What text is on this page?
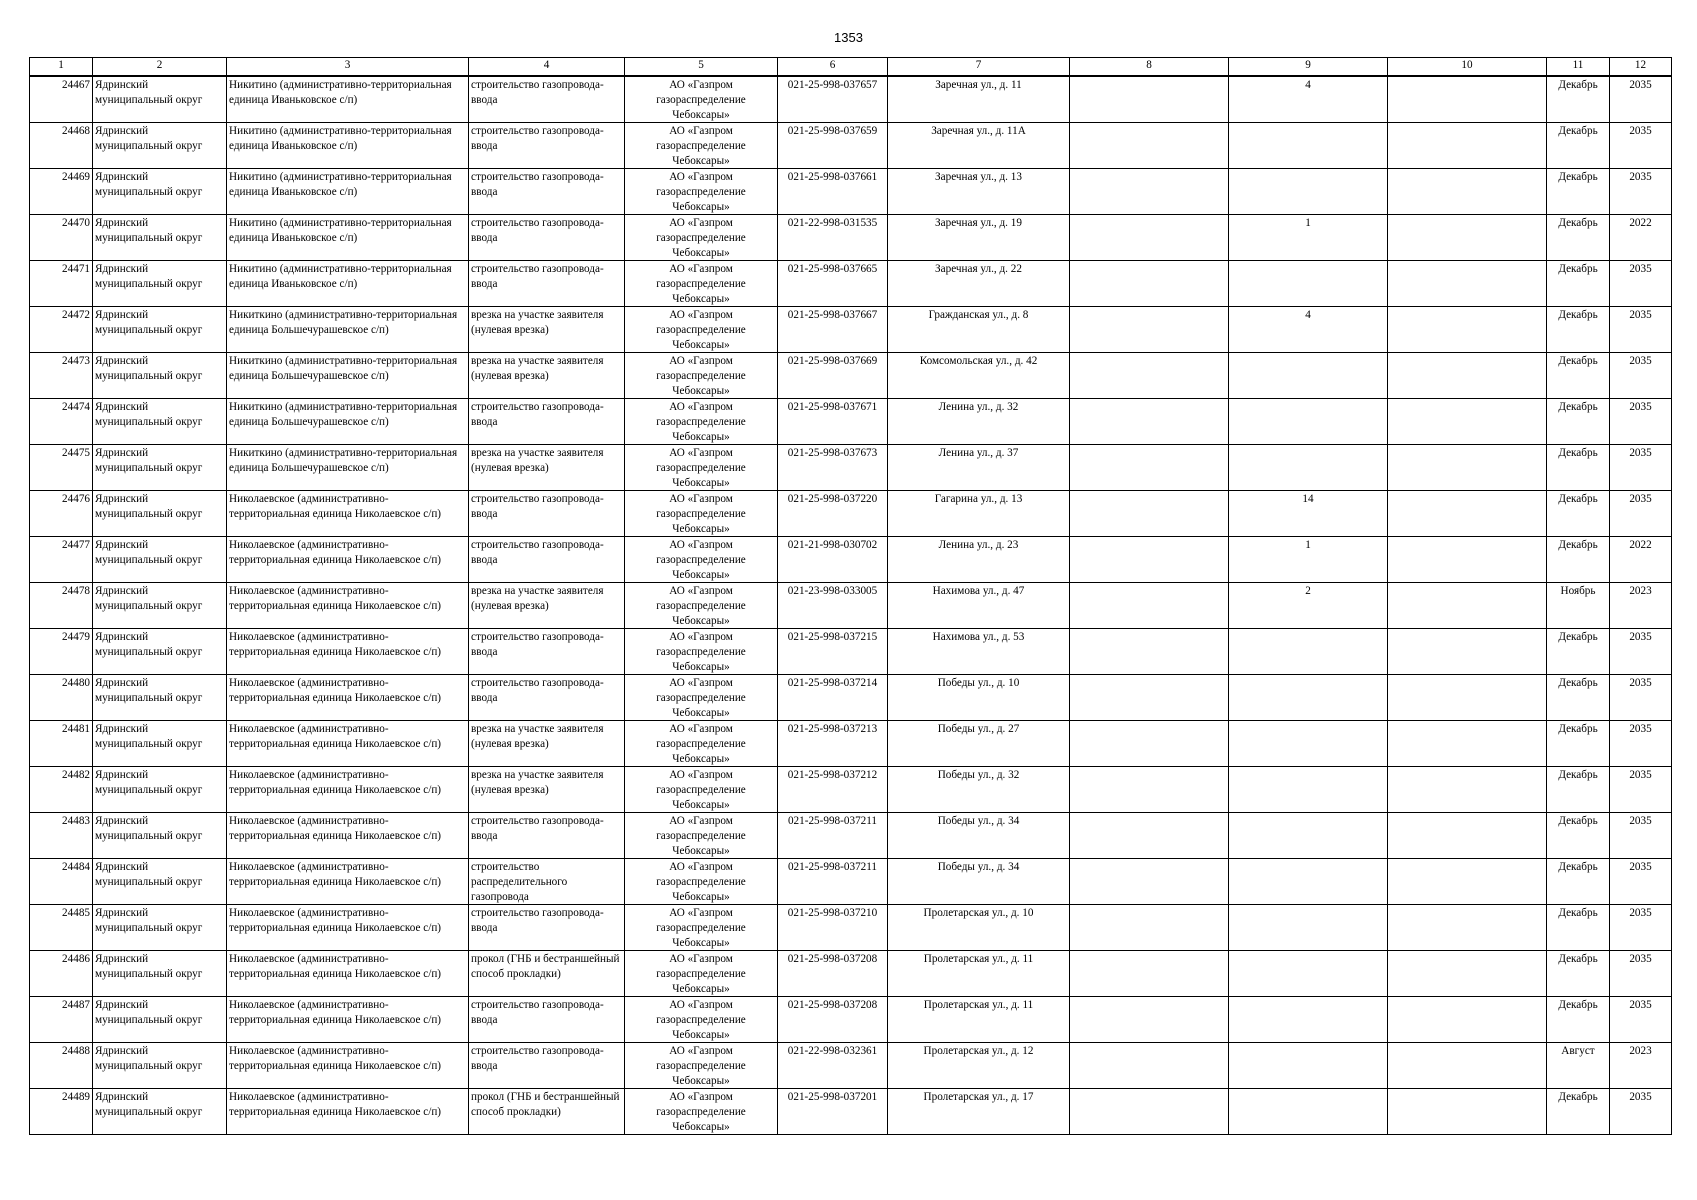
1353
1	2	3	4	5	6	7	8	9	10	11	12

24467	Ядринский муниципальный округ	Никитино (административно-территориальная единица Иваньковское с/п)	строительство газопровода-ввода	АО «Газпром газораспределение Чебоксары»	021-25-998-037657	Заречная ул., д. 11		4		Декабрь	2035

24468	Ядринский муниципальный округ	Никитино (административно-территориальная единица Иваньковское с/п)	строительство газопровода-ввода	АО «Газпром газораспределение Чебоксары»	021-25-998-037659	Заречная ул., д. 11А				Декабрь	2035

24469	Ядринский муниципальный округ	Никитино (административно-территориальная единица Иваньковское с/п)	строительство газопровода-ввода	АО «Газпром газораспределение Чебоксары»	021-25-998-037661	Заречная ул., д. 13				Декабрь	2035

24470	Ядринский муниципальный округ	Никитино (административно-территориальная единица Иваньковское с/п)	строительство газопровода-ввода	АО «Газпром газораспределение Чебоксары»	021-22-998-031535	Заречная ул., д. 19		1		Декабрь	2022

24471	Ядринский муниципальный округ	Никитино (административно-территориальная единица Иваньковское с/п)	строительство газопровода-ввода	АО «Газпром газораспределение Чебоксары»	021-25-998-037665	Заречная ул., д. 22				Декабрь	2035

24472	Ядринский муниципальный округ	Никиткино (административно-территориальная единица Большечурашевское с/п)	врезка на участке заявителя (нулевая врезка)	АО «Газпром газораспределение Чебоксары»	021-25-998-037667	Гражданская ул., д. 8		4		Декабрь	2035

24473	Ядринский муниципальный округ	Никиткино (административно-территориальная единица Большечурашевское с/п)	врезка на участке заявителя (нулевая врезка)	АО «Газпром газораспределение Чебоксары»	021-25-998-037669	Комсомольская ул., д. 42				Декабрь	2035

24474	Ядринский муниципальный округ	Никиткино (административно-территориальная единица Большечурашевское с/п)	строительство газопровода-ввода	АО «Газпром газораспределение Чебоксары»	021-25-998-037671	Ленина ул., д. 32				Декабрь	2035

24475	Ядринский муниципальный округ	Никиткино (административно-территориальная единица Большечурашевское с/п)	врезка на участке заявителя (нулевая врезка)	АО «Газпром газораспределение Чебоксары»	021-25-998-037673	Ленина ул., д. 37				Декабрь	2035

24476	Ядринский муниципальный округ	Николаевское (административно-территориальная единица Николаевское с/п)	строительство газопровода-ввода	АО «Газпром газораспределение Чебоксары»	021-25-998-037220	Гагарина ул., д. 13		14		Декабрь	2035

24477	Ядринский муниципальный округ	Николаевское (административно-территориальная единица Николаевское с/п)	строительство газопровода-ввода	АО «Газпром газораспределение Чебоксары»	021-21-998-030702	Ленина ул., д. 23		1		Декабрь	2022

24478	Ядринский муниципальный округ	Николаевское (административно-территориальная единица Николаевское с/п)	врезка на участке заявителя (нулевая врезка)	АО «Газпром газораспределение Чебоксары»	021-23-998-033005	Нахимова ул., д. 47		2		Ноябрь	2023

24479	Ядринский муниципальный округ	Николаевское (административно-территориальная единица Николаевское с/п)	строительство газопровода-ввода	АО «Газпром газораспределение Чебоксары»	021-25-998-037215	Нахимова ул., д. 53				Декабрь	2035

24480	Ядринский муниципальный округ	Николаевское (административно-территориальная единица Николаевское с/п)	строительство газопровода-ввода	АО «Газпром газораспределение Чебоксары»	021-25-998-037214	Победы ул., д. 10				Декабрь	2035

24481	Ядринский муниципальный округ	Николаевское (административно-территориальная единица Николаевское с/п)	врезка на участке заявителя (нулевая врезка)	АО «Газпром газораспределение Чебоксары»	021-25-998-037213	Победы ул., д. 27				Декабрь	2035

24482	Ядринский муниципальный округ	Николаевское (административно-территориальная единица Николаевское с/п)	врезка на участке заявителя (нулевая врезка)	АО «Газпром газораспределение Чебоксары»	021-25-998-037212	Победы ул., д. 32				Декабрь	2035

24483	Ядринский муниципальный округ	Николаевское (административно-территориальная единица Николаевское с/п)	строительство газопровода-ввода	АО «Газпром газораспределение Чебоксары»	021-25-998-037211	Победы ул., д. 34				Декабрь	2035

24484	Ядринский муниципальный округ	Николаевское (административно-территориальная единица Николаевское с/п)	строительство распределительного газопровода	АО «Газпром газораспределение Чебоксары»	021-25-998-037211	Победы ул., д. 34				Декабрь	2035

24485	Ядринский муниципальный округ	Николаевское (административно-территориальная единица Николаевское с/п)	строительство газопровода-ввода	АО «Газпром газораспределение Чебоксары»	021-25-998-037210	Пролетарская ул., д. 10				Декабрь	2035

24486	Ядринский муниципальный округ	Николаевское (административно-территориальная единица Николаевское с/п)	прокол (ГНБ и бестраншейный способ прокладки)	АО «Газпром газораспределение Чебоксары»	021-25-998-037208	Пролетарская ул., д. 11				Декабрь	2035

24487	Ядринский муниципальный округ	Николаевское (административно-территориальная единица Николаевское с/п)	строительство газопровода-ввода	АО «Газпром газораспределение Чебоксары»	021-25-998-037208	Пролетарская ул., д. 11				Декабрь	2035

24488	Ядринский муниципальный округ	Николаевское (административно-территориальная единица Николаевское с/п)	строительство газопровода-ввода	АО «Газпром газораспределение Чебоксары»	021-22-998-032361	Пролетарская ул., д. 12				Август	2023

24489	Ядринский муниципальный округ	Николаевское (административно-территориальная единица Николаевское с/п)	прокол (ГНБ и бестраншейный способ прокладки)	АО «Газпром газораспределение Чебоксары»	021-25-998-037201	Пролетарская ул., д. 17				Декабрь	2035
